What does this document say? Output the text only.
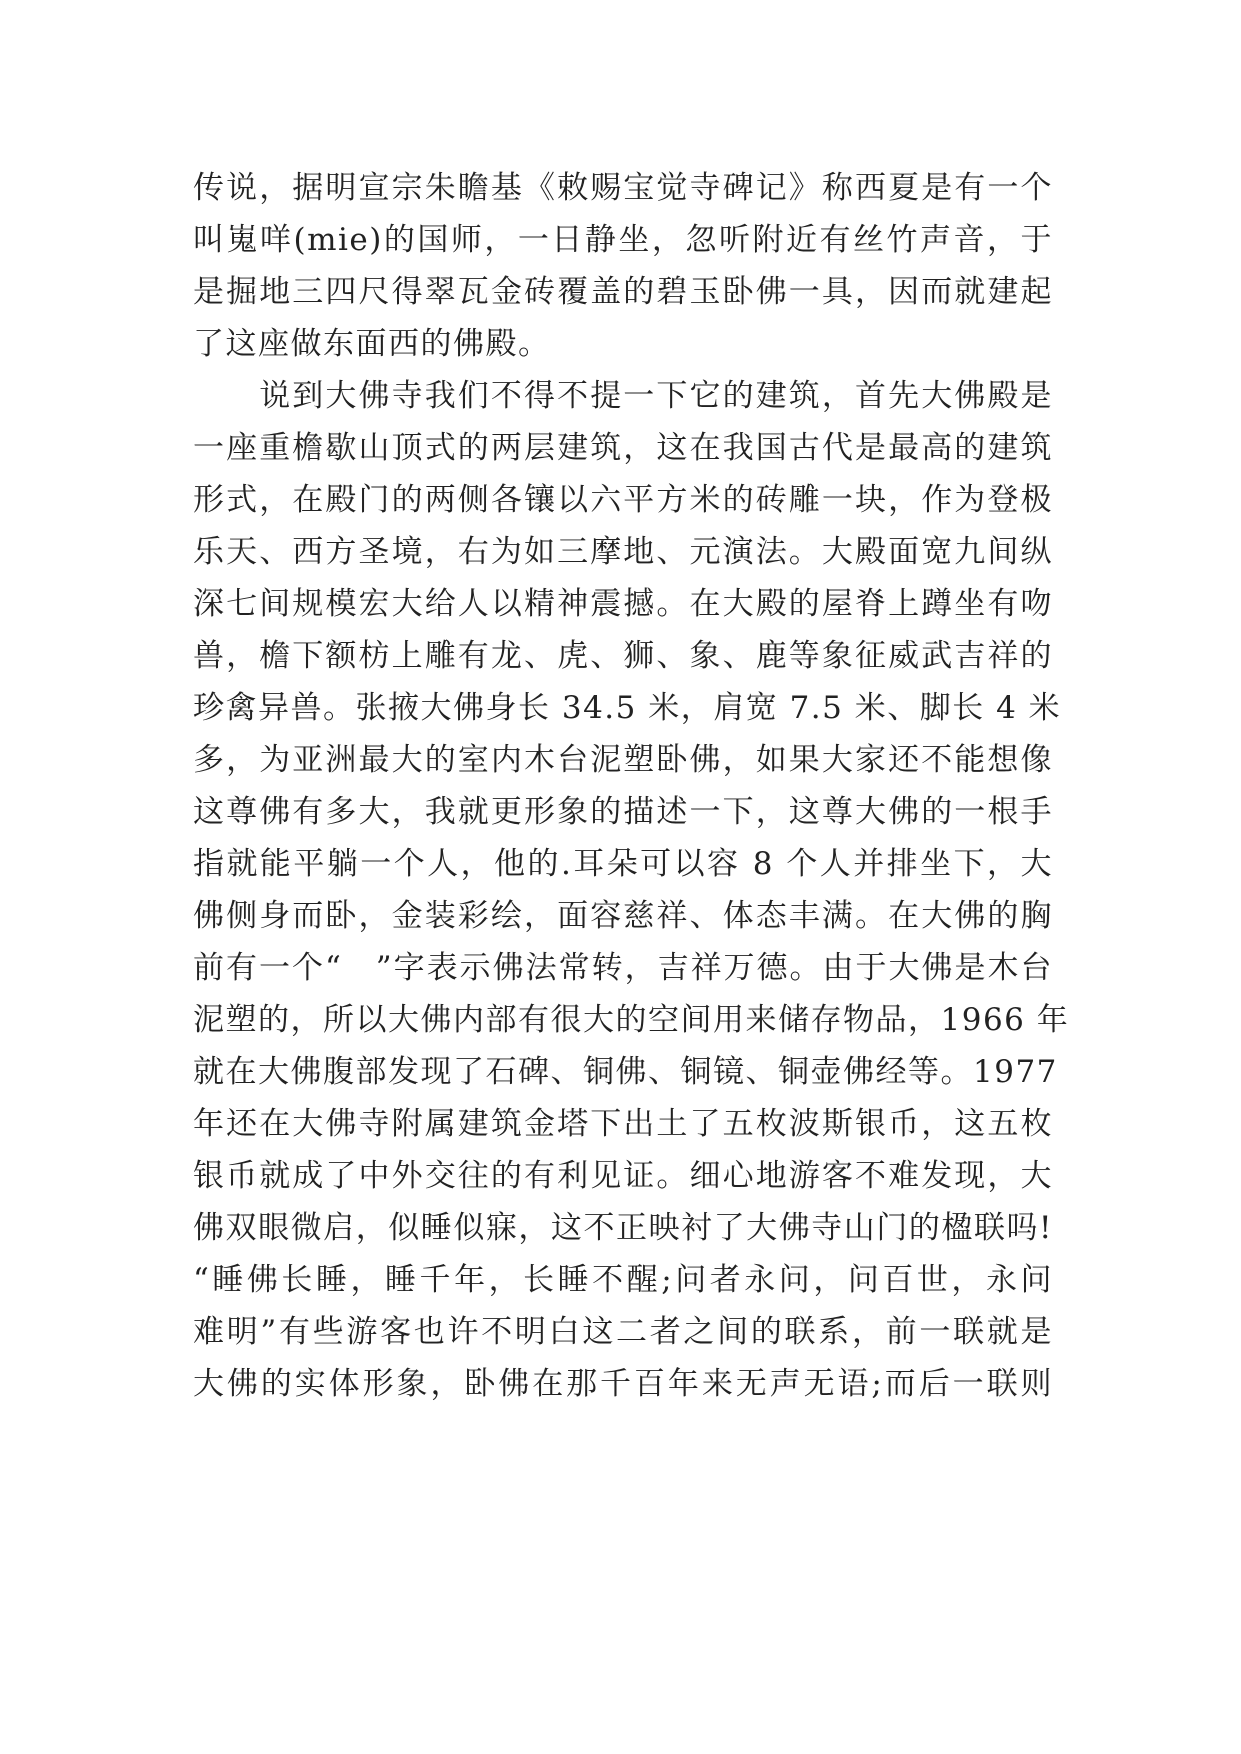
传说，据明宣宗朱瞻基《敕赐宝觉寺碑记》称西夏是有一个
叫嵬咩(mie)的国师，一日静坐，忽听附近有丝竹声音，于
是掘地三四尺得翠瓦金砖覆盖的碧玉卧佛一具，因而就建起
了这座做东面西的佛殿。
　　说到大佛寺我们不得不提一下它的建筑，首先大佛殿是
一座重檐歇山顶式的两层建筑，这在我国古代是最高的建筑
形式，在殿门的两侧各镶以六平方米的砖雕一块，作为登极
乐天、西方圣境，右为如三摩地、元演法。大殿面宽九间纵
深七间规模宏大给人以精神震撼。在大殿的屋脊上蹲坐有吻
兽，檐下额枋上雕有龙、虎、狮、象、鹿等象征威武吉祥的
珍禽异兽。张掖大佛身长 34.5 米，肩宽 7.5 米、脚长 4 米
多，为亚洲最大的室内木台泥塑卧佛，如果大家还不能想像
这尊佛有多大，我就更形象的描述一下，这尊大佛的一根手
指就能平躺一个人，他的.耳朵可以容 8 个人并排坐下，大
佛侧身而卧，金装彩绘，面容慈祥、体态丰满。在大佛的胸
前有一个“　”字表示佛法常转，吉祥万德。由于大佛是木台
泥塑的，所以大佛内部有很大的空间用来储存物品，1966 年
就在大佛腹部发现了石碑、铜佛、铜镜、铜壶佛经等。1977
年还在大佛寺附属建筑金塔下出土了五枚波斯银币，这五枚
银币就成了中外交往的有利见证。细心地游客不难发现，大
佛双眼微启，似睡似寐，这不正映衬了大佛寺山门的楹联吗!
“睡佛长睡，睡千年，长睡不醒;问者永问，问百世，永问
难明”有些游客也许不明白这二者之间的联系，前一联就是
大佛的实体形象，卧佛在那千百年来无声无语;而后一联则
